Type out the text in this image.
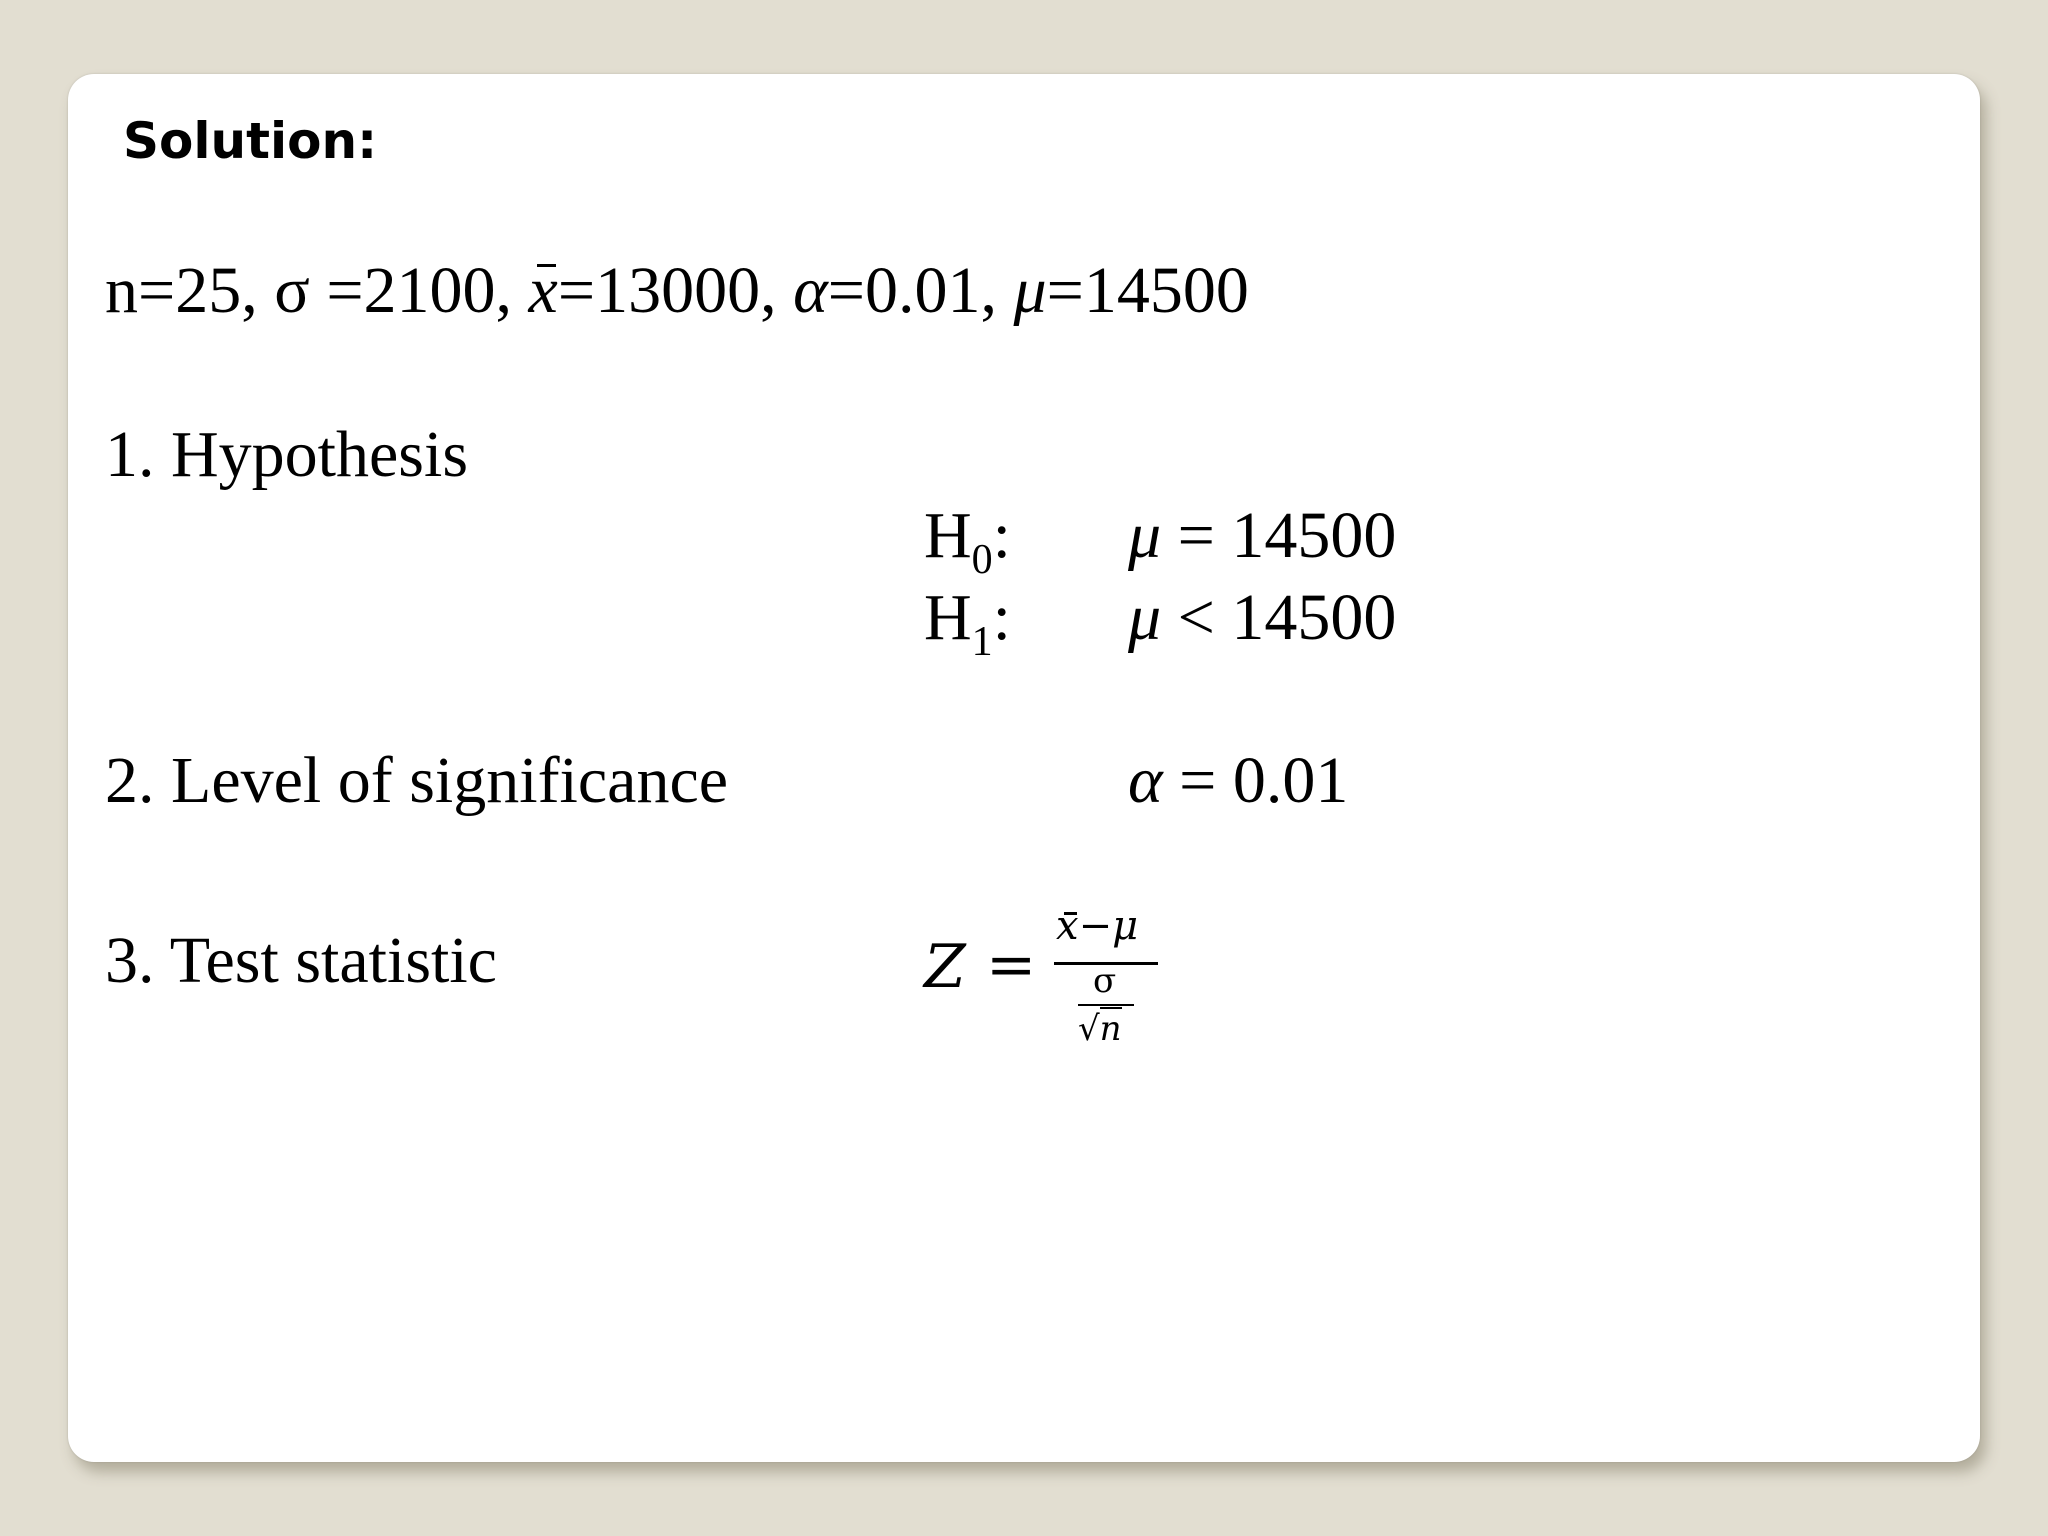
Solution:
n=25, σ =2100, x=13000, α=0.01, μ=14500
1. Hypothesis
$H_0$: μ = 14500
$H_1$: μ < 14500
2. Level of significance	α = 0.01
3. Test statistic	Z =
x−μ
σ
√n
